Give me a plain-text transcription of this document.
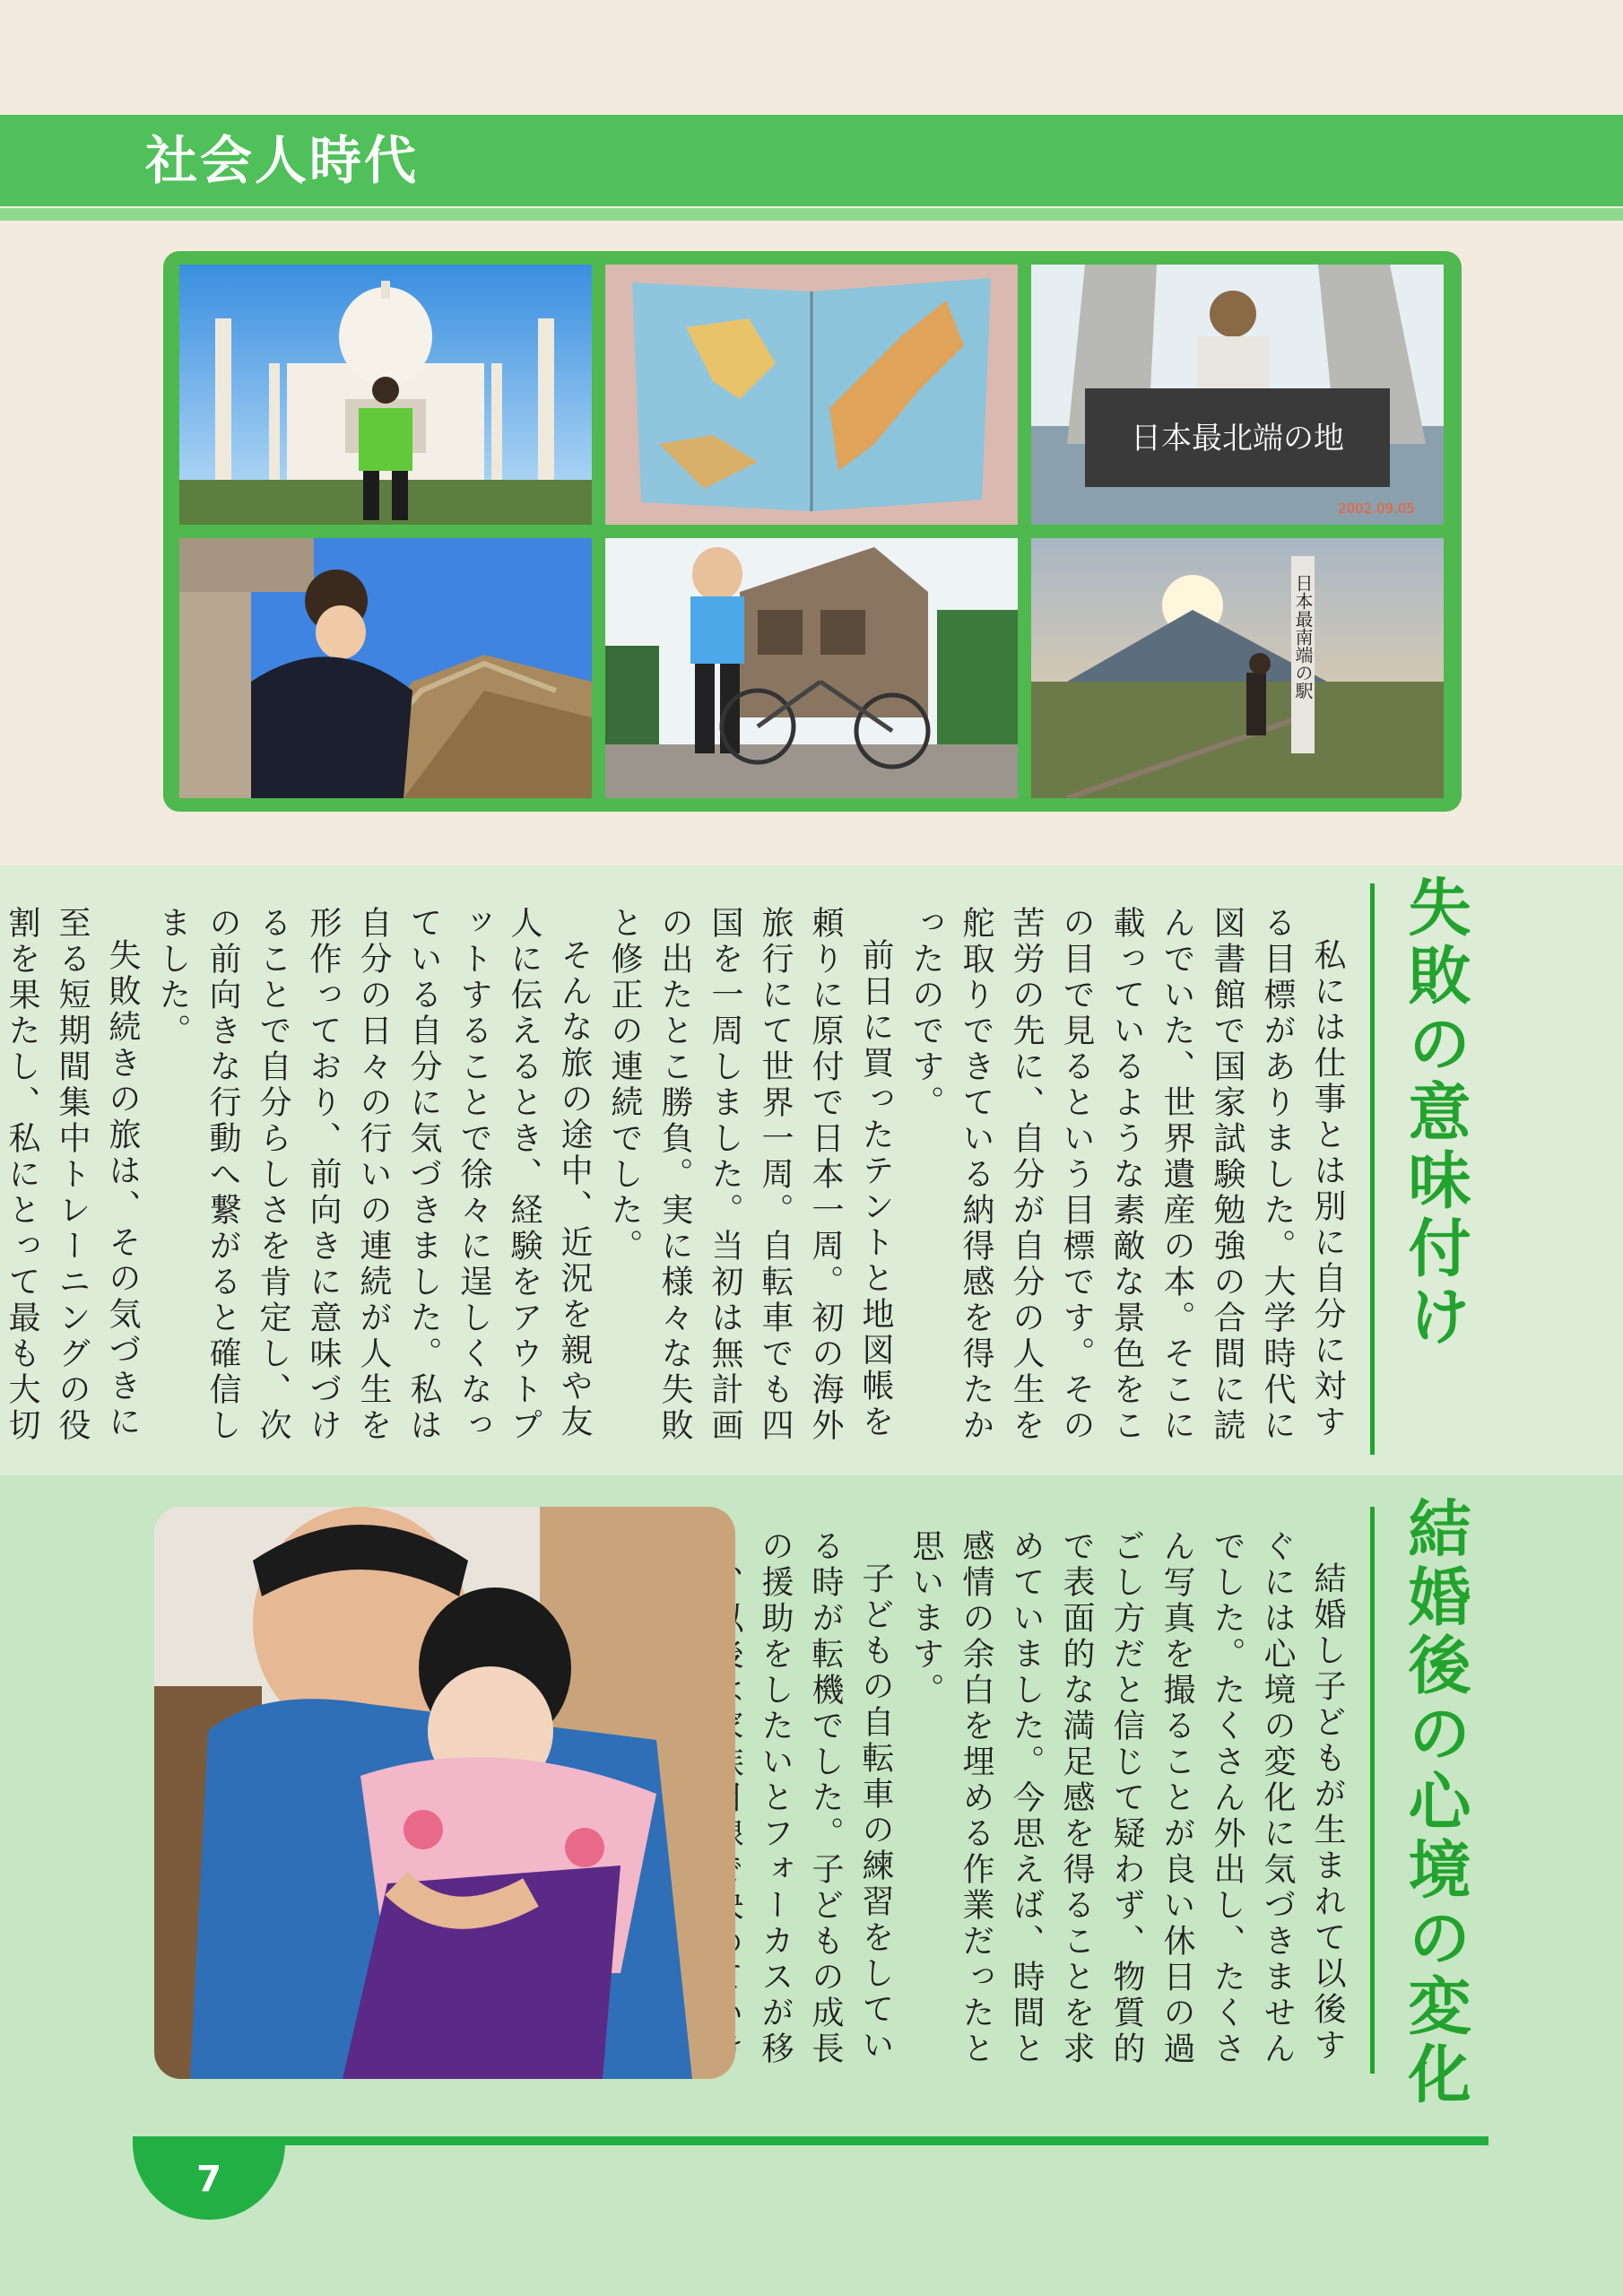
社会人時代
日本最北端の地
2002.09.05
日本最南端の駅
失敗の意味付け

私には仕事とは別に自分に対する目標がありました。大学時代に図書館で国家試験勉強の合間に読んでいた、世界遺産の本。そこに載っているような素敵な景色をこの目で見るという目標です。その苦労の先に、自分が自分の人生を舵取りできている納得感を得たかったのです。

前日に買ったテントと地図帳を頼りに原付で日本一周。初の海外旅行にて世界一周。自転車でも四国を一周しました。当初は無計画の出たとこ勝負。実に様々な失敗と修正の連続でした。

そんな旅の途中、近況を親や友人に伝えるとき、経験をアウトプットすることで徐々に逞しくなっている自分に気づきました。私は自分の日々の行いの連続が人生を形作っており、前向きに意味づけることで自分らしさを肯定し、次の前向きな行動へ繋がると確信しました。

失敗続きの旅は、その気づきに至る短期間集中トレーニングの役割を果たし、私にとって最も大切

結婚後の心境の変化

結婚し子どもが生まれて以後すぐには心境の変化に気づきませんでした。たくさん外出し、たくさん写真を撮ることが良い休日の過ごし方だと信じて疑わず、物質的で表面的な満足感を得ることを求めていました。今思えば、時間と感情の余白を埋める作業だったと思います。

子どもの自転車の練習をしている時が転機でした。子どもの成長の援助をしたいとフォーカスが移

7
